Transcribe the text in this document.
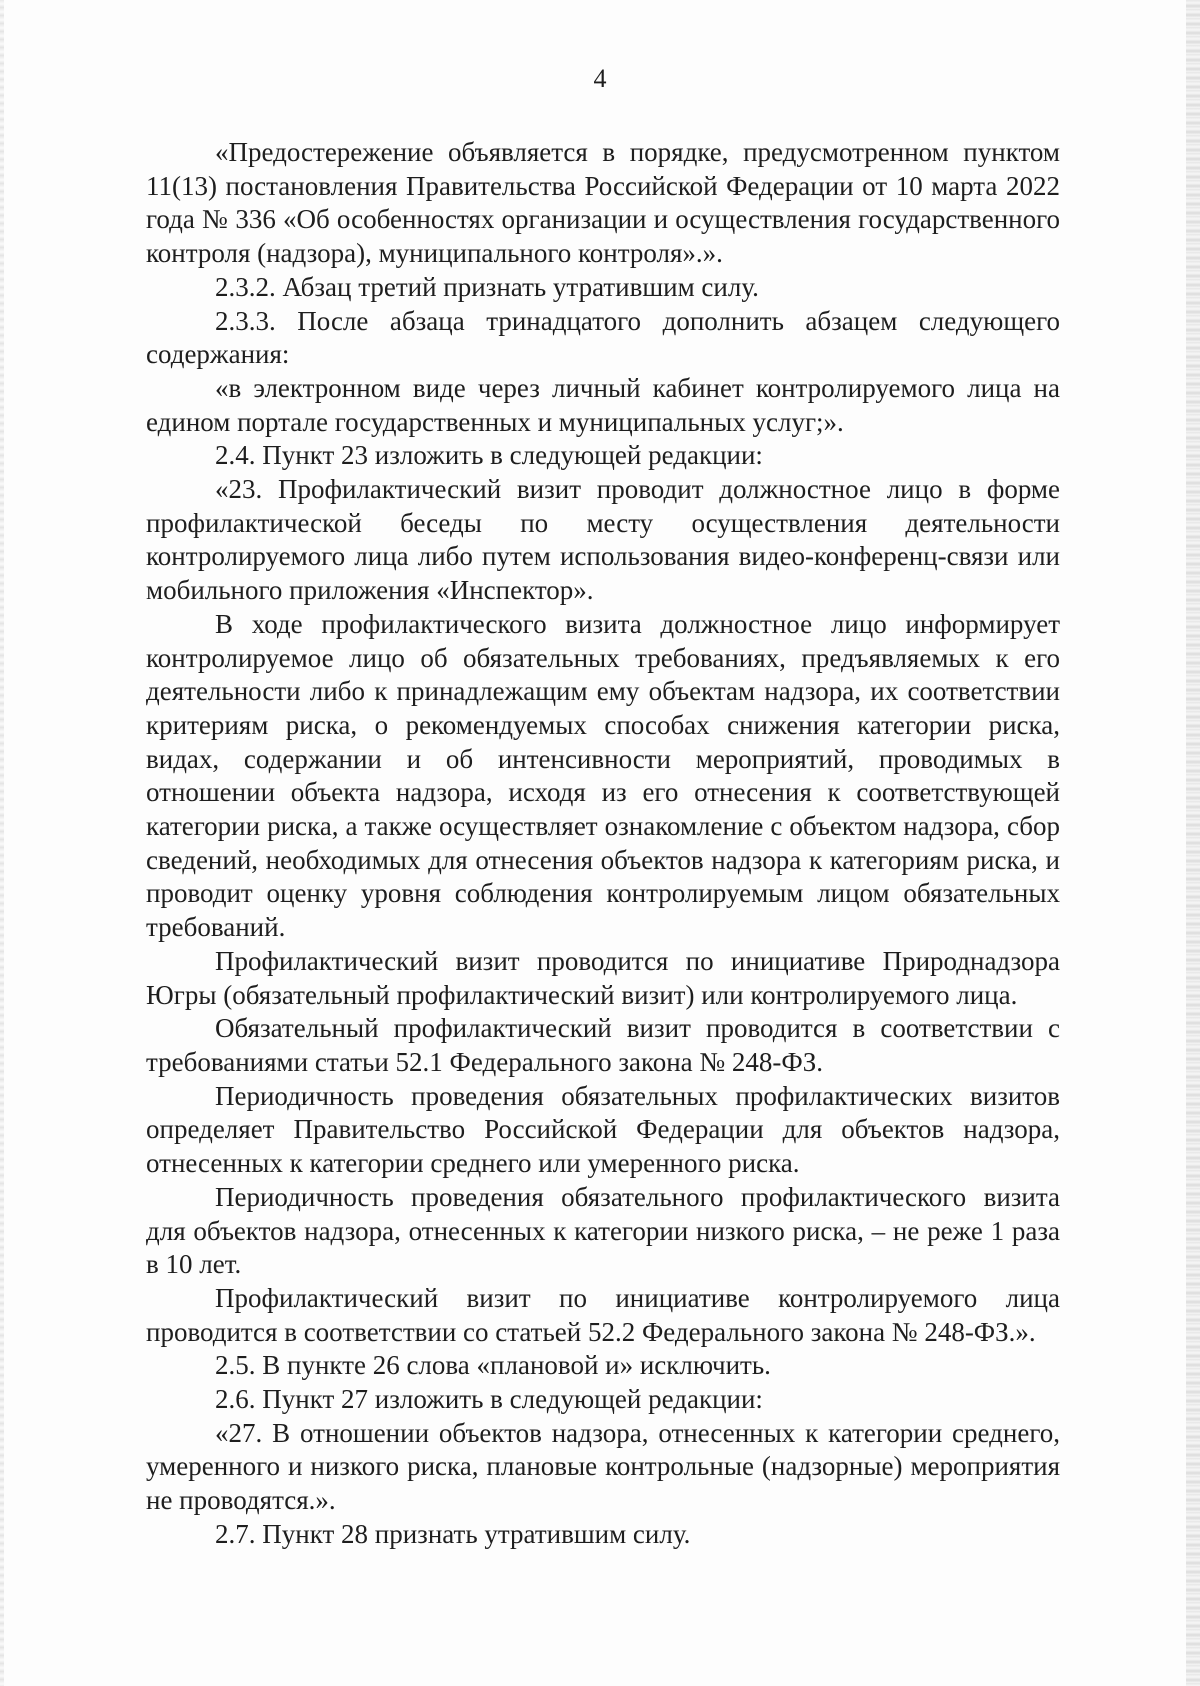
4

«Предостережение объявляется в порядке, предусмотренном пунктом 11(13) постановления Правительства Российской Федерации от 10 марта 2022 года № 336 «Об особенностях организации и осуществления государственного контроля (надзора), муниципального контроля».».

2.3.2. Абзац третий признать утратившим силу.

2.3.3. После абзаца тринадцатого дополнить абзацем следующего содержания:

«в электронном виде через личный кабинет контролируемого лица на едином портале государственных и муниципальных услуг;».

2.4. Пункт 23 изложить в следующей редакции:

«23. Профилактический визит проводит должностное лицо в форме профилактической беседы по месту осуществления деятельности контролируемого лица либо путем использования видео-конференц-связи или мобильного приложения «Инспектор».

В ходе профилактического визита должностное лицо информирует контролируемое лицо об обязательных требованиях, предъявляемых к его деятельности либо к принадлежащим ему объектам надзора, их соответствии критериям риска, о рекомендуемых способах снижения категории риска, видах, содержании и об интенсивности мероприятий, проводимых в отношении объекта надзора, исходя из его отнесения к соответствующей категории риска, а также осуществляет ознакомление с объектом надзора, сбор сведений, необходимых для отнесения объектов надзора к категориям риска, и проводит оценку уровня соблюдения контролируемым лицом обязательных требований.

Профилактический визит проводится по инициативе Природнадзора Югры (обязательный профилактический визит) или контролируемого лица.

Обязательный профилактический визит проводится в соответствии с требованиями статьи 52.1 Федерального закона № 248-ФЗ.

Периодичность проведения обязательных профилактических визитов определяет Правительство Российской Федерации для объектов надзора, отнесенных к категории среднего или умеренного риска.

Периодичность проведения обязательного профилактического визита для объектов надзора, отнесенных к категории низкого риска, – не реже 1 раза в 10 лет.

Профилактический визит по инициативе контролируемого лица проводится в соответствии со статьей 52.2 Федерального закона № 248-ФЗ.».

2.5. В пункте 26 слова «плановой и» исключить.

2.6. Пункт 27 изложить в следующей редакции:

«27. В отношении объектов надзора, отнесенных к категории среднего, умеренного и низкого риска, плановые контрольные (надзорные) мероприятия не проводятся.».

2.7. Пункт 28 признать утратившим силу.
